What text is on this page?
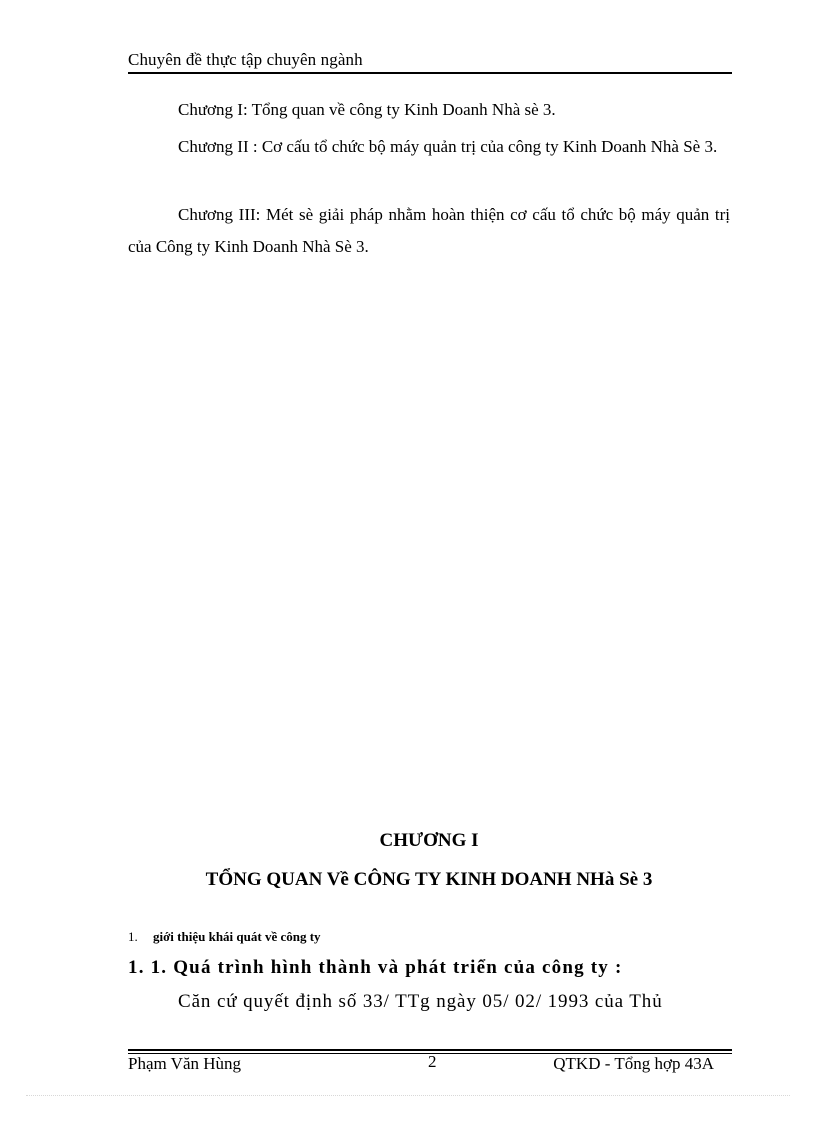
Chuyên đề thực tập chuyên ngành

Chương I: Tổng quan về công ty Kinh Doanh Nhà sè 3.

Chương II : Cơ cấu tổ chức bộ máy quản trị của công ty Kinh Doanh Nhà Sè 3.

Chương III: Mét sè giải pháp nhằm hoàn thiện cơ cấu tổ chức bộ máy quản trị của Công ty Kinh Doanh Nhà Sè 3.

CHƯƠNG I
TỔNG QUAN Về CÔNG TY KINH DOANH NHà Sè 3
1. giới thiệu khái quát về công ty
1. 1. Quá trình hình thành và phát triển của công ty :
Căn cứ quyết định số 33/ TTg ngày 05/ 02/ 1993 của Thủ
Phạm Văn Hùng	2	QTKD - Tổng hợp 43A
